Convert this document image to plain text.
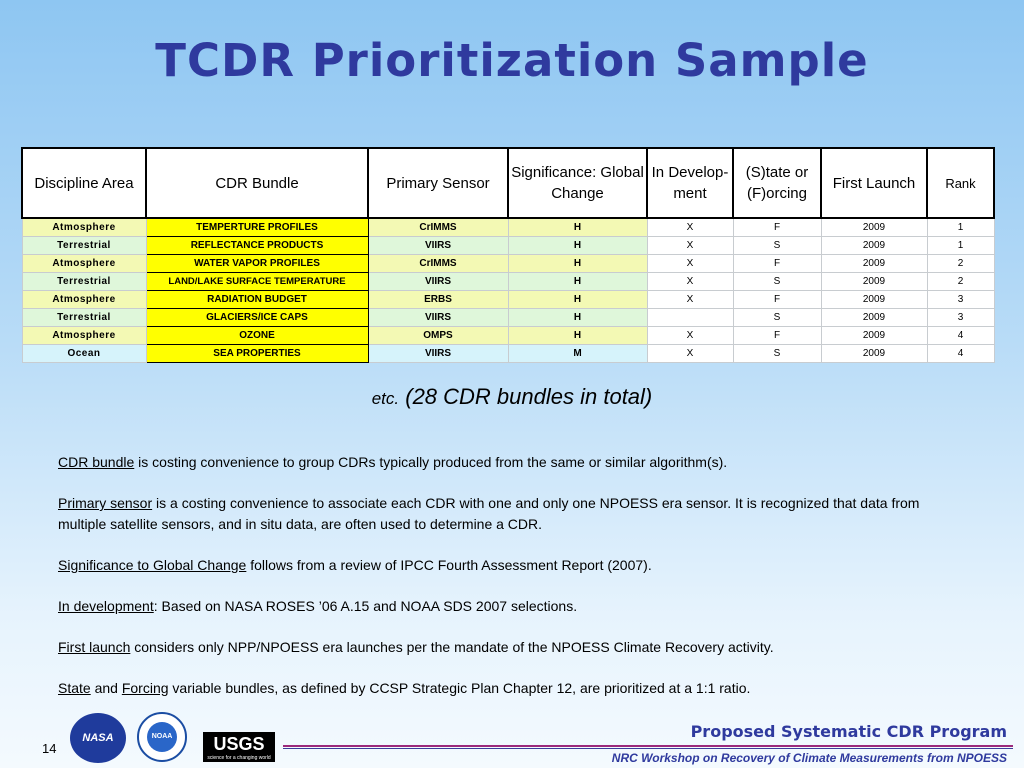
TCDR Prioritization Sample
Discipline Area	CDR Bundle	Primary Sensor	Significance: Global Change	In Develop-ment	(S)tate or (F)orcing	First Launch	Rank
Atmosphere	TEMPERTURE PROFILES	CrIMMS	H	X	F	2009	1
Terrestrial	REFLECTANCE PRODUCTS	VIIRS	H	X	S	2009	1
Atmosphere	WATER VAPOR PROFILES	CrIMMS	H	X	F	2009	2
Terrestrial	LAND/LAKE SURFACE TEMPERATURE	VIIRS	H	X	S	2009	2
Atmosphere	RADIATION BUDGET	ERBS	H	X	F	2009	3
Terrestrial	GLACIERS/ICE CAPS	VIIRS	H		S	2009	3
Atmosphere	OZONE	OMPS	H	X	F	2009	4
Ocean	SEA PROPERTIES	VIIRS	M	X	S	2009	4
etc. (28 CDR bundles in total)

CDR bundle is costing convenience to group CDRs typically produced from the same or similar algorithm(s).

Primary sensor is a costing convenience to associate each CDR with one and only one NPOESS era sensor. It is recognized that data from multiple satellite sensors, and in situ data, are often used to determine a CDR.

Significance to Global Change follows from a review of IPCC Fourth Assessment Report (2007).

In development: Based on NASA ROSES ’06 A.15 and NOAA SDS 2007 selections.

First launch considers only NPP/NPOESS era launches per the mandate of the NPOESS Climate Recovery activity.

State and Forcing variable bundles, as defined by CCSP Strategic Plan Chapter 12, are prioritized at a 1:1 ratio.

14
NASA	NOAA	USGS
science for a changing world
Proposed Systematic CDR Program
NRC Workshop on Recovery of Climate Measurements from NPOESS
